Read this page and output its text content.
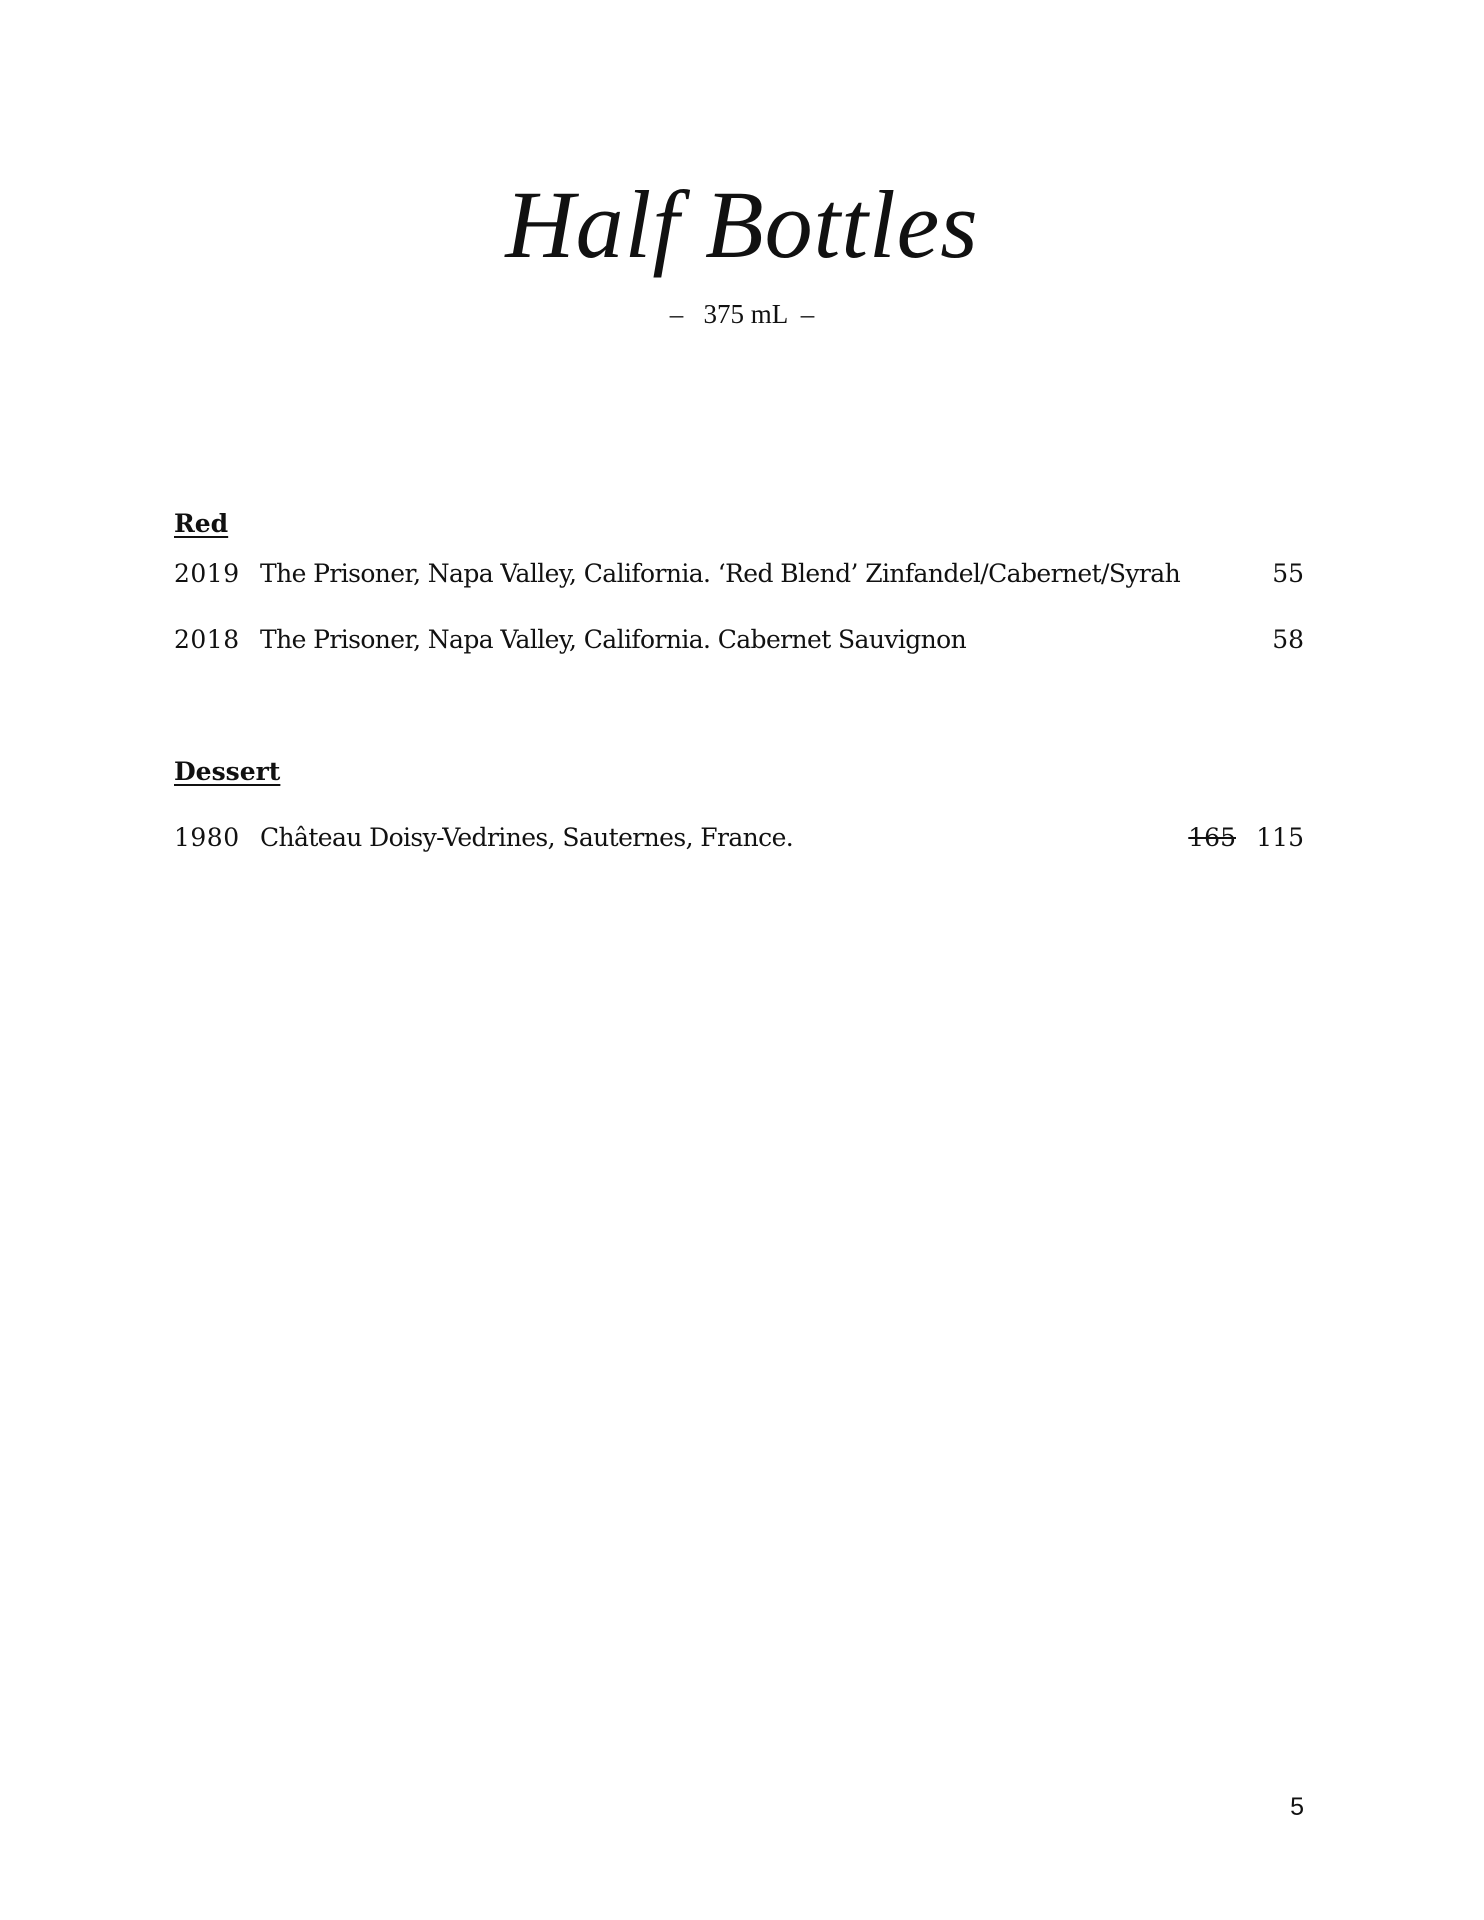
Half Bottles
–   375 mL  –
Red
2019 The Prisoner, Napa Valley, California. ‘Red Blend’ Zinfandel/Cabernet/Syrah	55
2018 The Prisoner, Napa Valley, California. Cabernet Sauvignon	58
Dessert
1980 Château Doisy-Vedrines, Sauternes, France.	165 115
5
